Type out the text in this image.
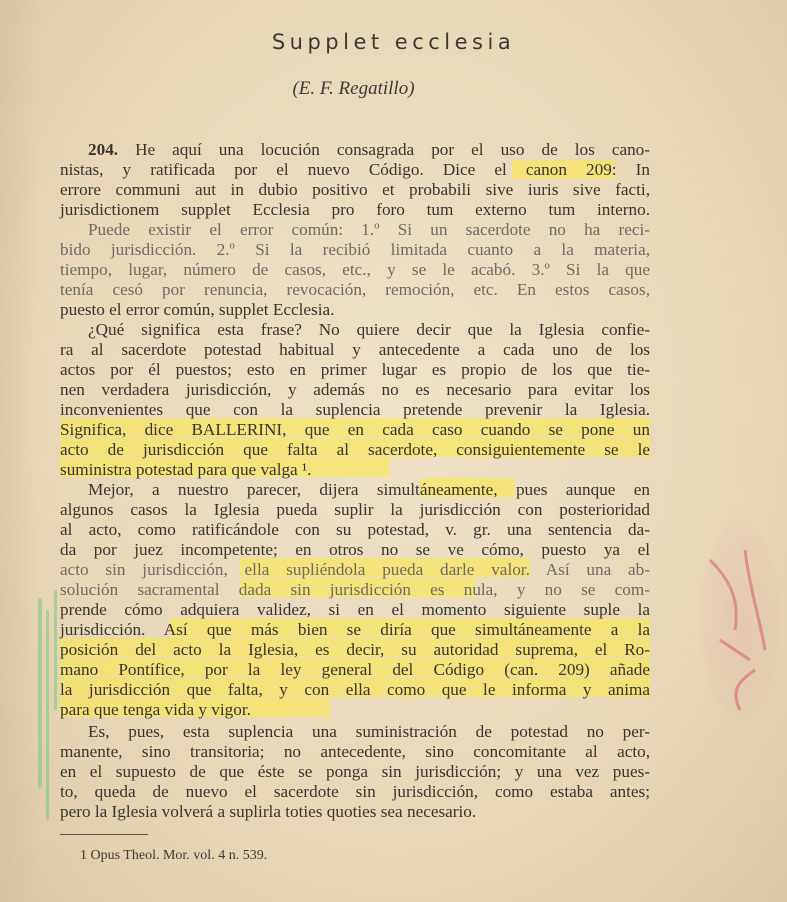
Supplet ecclesia
(E. F. Regatillo)
204. He aquí una locución consagrada por el uso de los cano-
nistas, y ratificada por el nuevo Código. Dice el canon 209: In
errore communi aut in dubio positivo et probabili sive iuris sive facti,
jurisdictionem supplet Ecclesia pro foro tum externo tum interno.
Puede existir el error común: 1.º Si un sacerdote no ha reci-
bido jurisdicción. 2.º Si la recibió limitada cuanto a la materia,
tiempo, lugar, número de casos, etc., y se le acabó. 3.º Si la que
tenía cesó por renuncia, revocación, remoción, etc. En estos casos,
puesto el error común, supplet Ecclesia.
¿Qué significa esta frase? No quiere decir que la Iglesia confie-
ra al sacerdote potestad habitual y antecedente a cada uno de los
actos por él puestos; esto en primer lugar es propio de los que tie-
nen verdadera jurisdicción, y además no es necesario para evitar los
inconvenientes que con la suplencia pretende prevenir la Iglesia.
Significa, dice BALLERINI, que en cada caso cuando se pone un
acto de jurisdicción que falta al sacerdote, consiguientemente se le
suministra potestad para que valga ¹.
Mejor, a nuestro parecer, dijera simultáneamente, pues aunque en
algunos casos la Iglesia pueda suplir la jurisdicción con posterioridad
al acto, como ratificándole con su potestad, v. gr. una sentencia da-
da por juez incompetente; en otros no se ve cómo, puesto ya el
acto sin jurisdicción, ella supliéndola pueda darle valor. Así una ab-
solución sacramental dada sin jurisdicción es nula, y no se com-
prende cómo adquiera validez, si en el momento siguiente suple la
jurisdicción. Así que más bien se diría que simultáneamente a la
posición del acto la Iglesia, es decir, su autoridad suprema, el Ro-
mano Pontífice, por la ley general del Código (can. 209) añade
la jurisdicción que falta, y con ella como que le informa y anima
para que tenga vida y vigor.
Es, pues, esta suplencia una suministración de potestad no per-
manente, sino transitoria; no antecedente, sino concomitante al acto,
en el supuesto de que éste se ponga sin jurisdicción; y una vez pues-
to, queda de nuevo el sacerdote sin jurisdicción, como estaba antes;
pero la Iglesia volverá a suplirla toties quoties sea necesario.
1 Opus Theol. Mor. vol. 4 n. 539.
